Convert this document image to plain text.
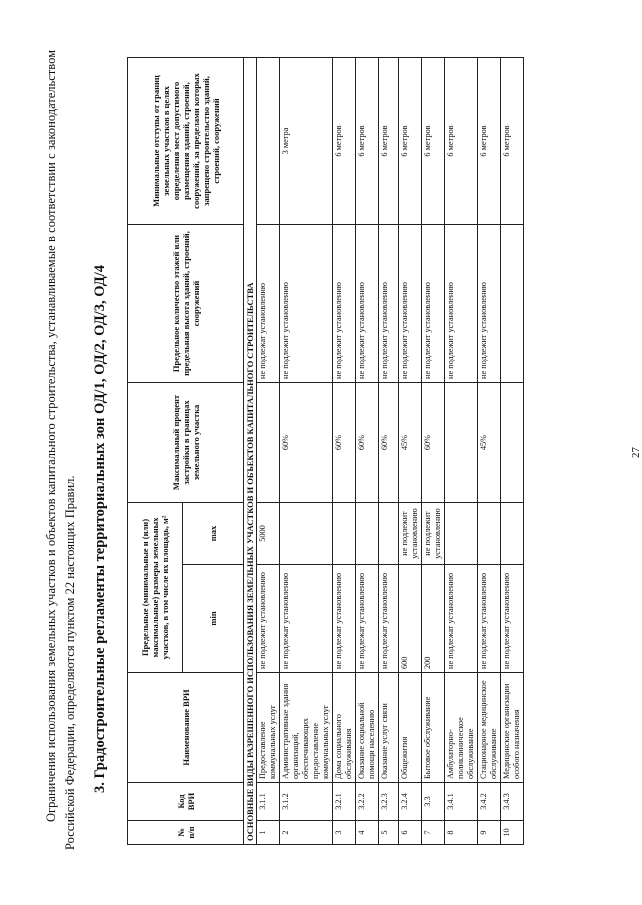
27
Ограничения использования земельных участков и объектов капитального строительства, устанавливаемые в соответствии с законодательством Российской Федерации, определяются пунктом 22 настоящих Правил. 3. Градостроительные регламенты территориальных зон ОД/1, ОД/2, ОД/3, ОД/4
№ п/п	Код ВРИ	Наименование ВРИ	Предельные (минимальные и (или) максимальные) размеры земельных участков, в том числе их площадь, м²		Максимальный процент застройки в границах земельного участка	Предельное количество этажей или предельная высота зданий, строений, сооружений	Минимальные отступы от границ земельных участков в целях определения мест допустимого размещения зданий, строений, сооружений, за пределами которых запрещено строительство зданий, строений, сооружений
			min	max			
ОСНОВНЫЕ ВИДЫ РАЗРЕШЕННОГО ИСПОЛЬЗОВАНИЯ ЗЕМЕЛЬНЫХ УЧАСТКОВ И ОБЪЕКТОВ КАПИТАЛЬНОГО СТРОИТЕЛЬСТВА							
1	3.1.1	Предоставление коммунальных услуг	не подлежит установлению	5000		не подлежат установлению	
2	3.1.2	Административные здания организаций, обеспечивающих предоставление коммунальных услуг	не подлежат установлению		60%	не подлежит установлению	3 метра
3	3.2.1	Дома социального обслуживания	не подлежат установлению		60%	не подлежит установлению	6 метров
4	3.2.2	Оказание социальной помощи населению	не подлежат установлению		60%	не подлежит установлению	6 метров
5	3.2.3	Оказание услуг связи	не подлежат установлению		60%	не подлежит установлению	6 метров
6	3.2.4	Общежития	600	не подлежит установлению	45%	не подлежит установлению	6 метров
7	3.3	Бытовое обслуживание	200	не подлежит установлению	60%	не подлежит установлению	6 метров
8	3.4.1	Амбулаторно-поликлиническое обслуживание	не подлежат установлению			не подлежит установлению	6 метров
9	3.4.2	Стационарное медицинское обслуживание	не подлежат установлению		45%	не подлежит установлению	6 метров
10	3.4.3	Медицинские организации особого назначения	не подлежат установлению				6 метров
